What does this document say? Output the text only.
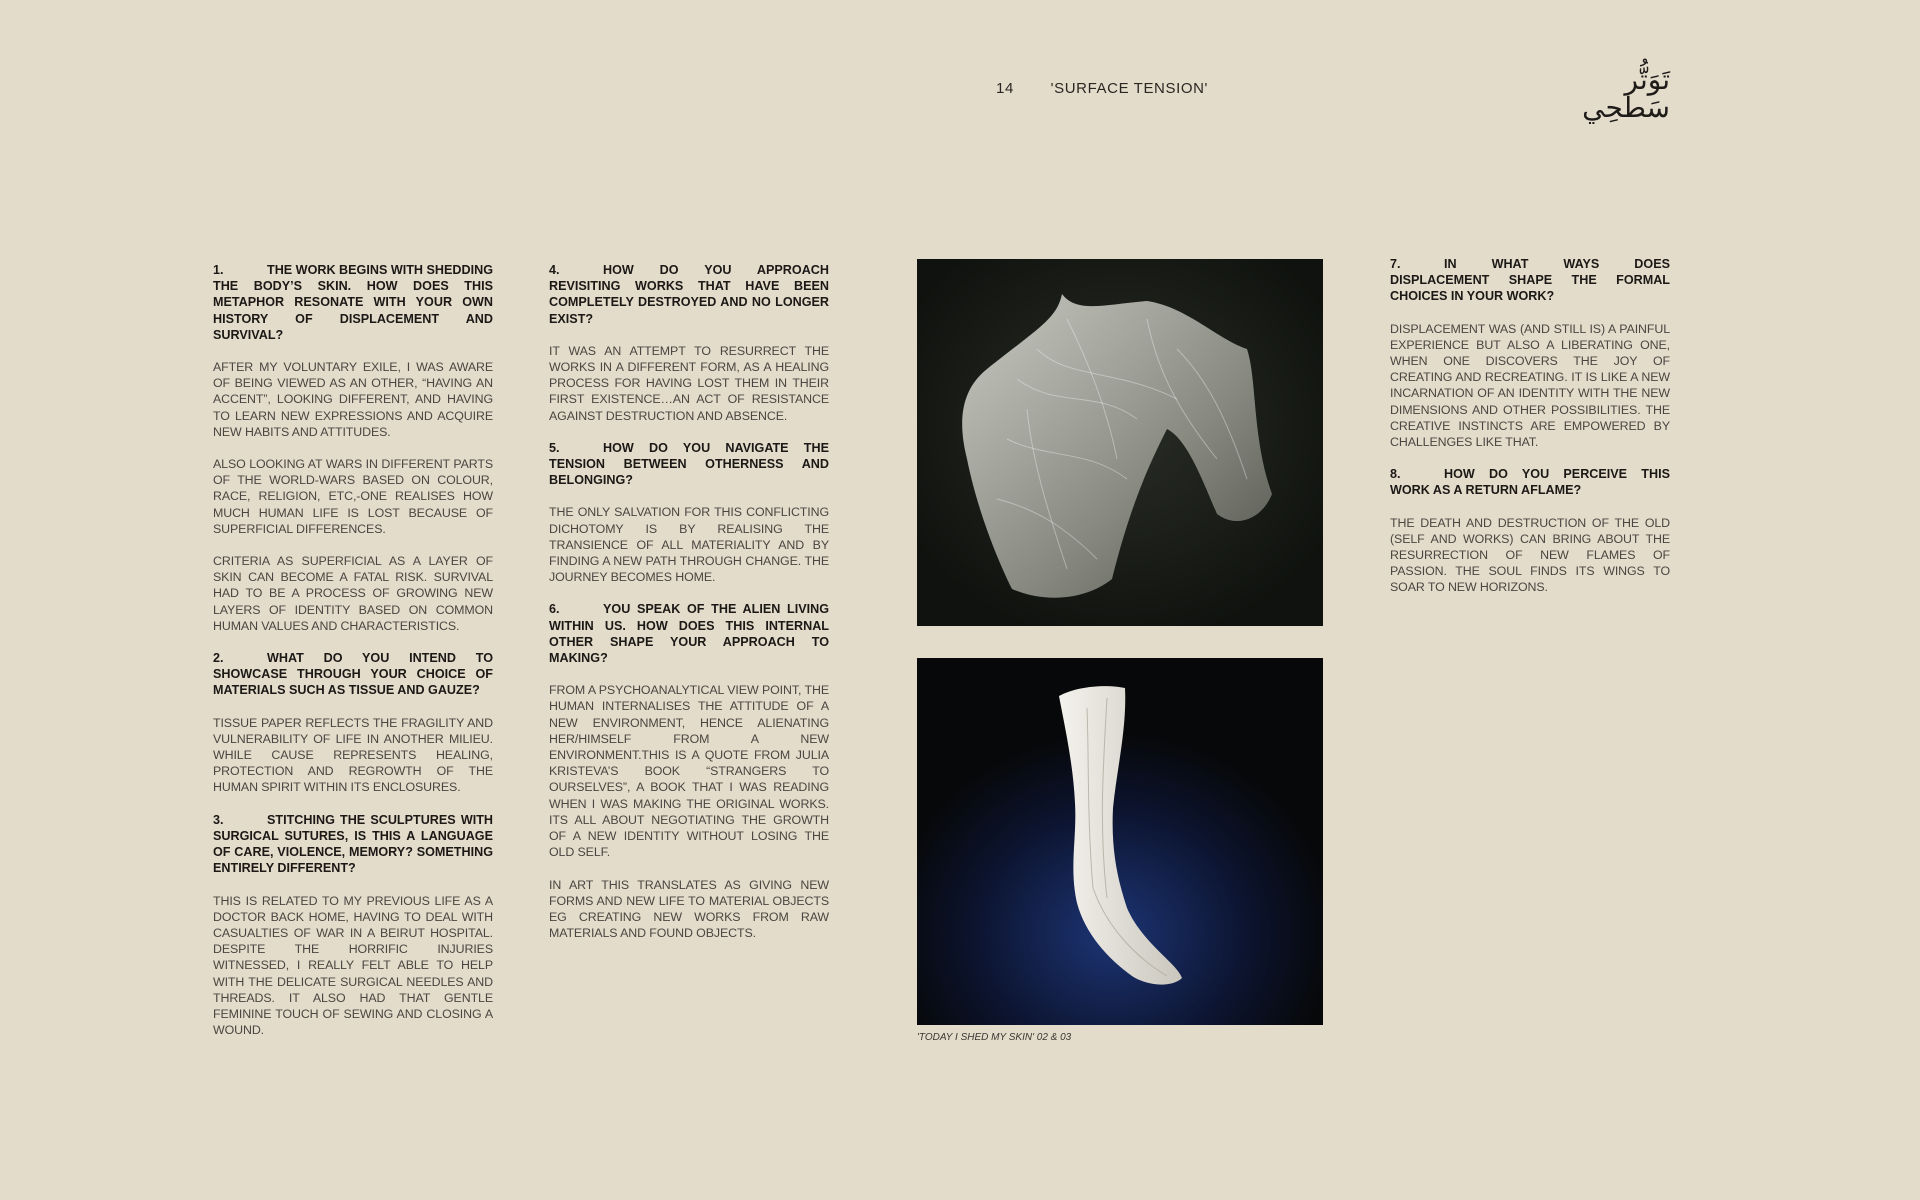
14 'SURFACE TENSION'	تَوَتُّر سَطحِي

1.	THE WORK BEGINS WITH SHEDDING THE BODY’S SKIN. HOW DOES THIS METAPHOR RESONATE WITH YOUR OWN HISTORY OF DISPLACEMENT AND SURVIVAL?

AFTER MY VOLUNTARY EXILE, I WAS AWARE OF BEING VIEWED AS AN OTHER, “HAVING AN ACCENT”, LOOKING DIFFERENT, AND HAVING TO LEARN NEW EXPRESSIONS AND ACQUIRE NEW HABITS AND ATTITUDES.

ALSO LOOKING AT WARS IN DIFFERENT PARTS OF THE WORLD-WARS BASED ON COLOUR, RACE, RELIGION, ETC,-ONE REALISES HOW MUCH HUMAN LIFE IS LOST BECAUSE OF SUPERFICIAL DIFFERENCES.

CRITERIA AS SUPERFICIAL AS A LAYER OF SKIN CAN BECOME A FATAL RISK. SURVIVAL HAD TO BE A PROCESS OF GROWING NEW LAYERS OF IDENTITY BASED ON COMMON HUMAN VALUES AND CHARACTERISTICS.

2.	WHAT DO YOU INTEND TO SHOWCASE THROUGH YOUR CHOICE OF MATERIALS SUCH AS TISSUE AND GAUZE?

TISSUE PAPER REFLECTS THE FRAGILITY AND VULNERABILITY OF LIFE IN ANOTHER MILIEU. WHILE CAUSE REPRESENTS HEALING, PROTECTION AND REGROWTH OF THE HUMAN SPIRIT WITHIN ITS ENCLOSURES.

3.	STITCHING THE SCULPTURES WITH SURGICAL SUTURES, IS THIS A LANGUAGE OF CARE, VIOLENCE, MEMORY? SOMETHING ENTIRELY DIFFERENT?

THIS IS RELATED TO MY PREVIOUS LIFE AS A DOCTOR BACK HOME, HAVING TO DEAL WITH CASUALTIES OF WAR IN A BEIRUT HOSPITAL. DESPITE THE HORRIFIC INJURIES WITNESSED, I REALLY FELT ABLE TO HELP WITH THE DELICATE SURGICAL NEEDLES AND THREADS. IT ALSO HAD THAT GENTLE FEMININE TOUCH OF SEWING AND CLOSING A WOUND.

4.	HOW DO YOU APPROACH REVISITING WORKS THAT HAVE BEEN COMPLETELY DESTROYED AND NO LONGER EXIST?

IT WAS AN ATTEMPT TO RESURRECT THE WORKS IN A DIFFERENT FORM, AS A HEALING PROCESS FOR HAVING LOST THEM IN THEIR FIRST EXISTENCE…AN ACT OF RESISTANCE AGAINST DESTRUCTION AND ABSENCE.

5.	HOW DO YOU NAVIGATE THE TENSION BETWEEN OTHERNESS AND BELONGING?

THE ONLY SALVATION FOR THIS CONFLICTING DICHOTOMY IS BY REALISING THE TRANSIENCE OF ALL MATERIALITY AND BY FINDING A NEW PATH THROUGH CHANGE. THE JOURNEY BECOMES HOME.

6.	YOU SPEAK OF THE ALIEN LIVING WITHIN US. HOW DOES THIS INTERNAL OTHER SHAPE YOUR APPROACH TO MAKING?

FROM A PSYCHOANALYTICAL VIEW POINT, THE HUMAN INTERNALISES THE ATTITUDE OF A NEW ENVIRONMENT, HENCE ALIENATING HER/HIMSELF FROM A NEW ENVIRONMENT.THIS IS A QUOTE FROM JULIA KRISTEVA’S BOOK “STRANGERS TO OURSELVES”, A BOOK THAT I WAS READING WHEN I WAS MAKING THE ORIGINAL WORKS. ITS ALL ABOUT NEGOTIATING THE GROWTH OF A NEW IDENTITY WITHOUT LOSING THE OLD SELF.

IN ART THIS TRANSLATES AS GIVING NEW FORMS AND NEW LIFE TO MATERIAL OBJECTS EG CREATING NEW WORKS FROM RAW MATERIALS AND FOUND OBJECTS.

'TODAY I SHED MY SKIN' 02 & 03

7.	IN WHAT WAYS DOES DISPLACEMENT SHAPE THE FORMAL CHOICES IN YOUR WORK?

DISPLACEMENT WAS (AND STILL IS) A PAINFUL EXPERIENCE BUT ALSO A LIBERATING ONE, WHEN ONE DISCOVERS THE JOY OF CREATING AND RECREATING. IT IS LIKE A NEW INCARNATION OF AN IDENTITY WITH THE NEW DIMENSIONS AND OTHER POSSIBILITIES. THE CREATIVE INSTINCTS ARE EMPOWERED BY CHALLENGES LIKE THAT.

8.	HOW DO YOU PERCEIVE THIS WORK AS A RETURN AFLAME?

THE DEATH AND DESTRUCTION OF THE OLD (SELF AND WORKS) CAN BRING ABOUT THE RESURRECTION OF NEW FLAMES OF PASSION. THE SOUL FINDS ITS WINGS TO SOAR TO NEW HORIZONS.
